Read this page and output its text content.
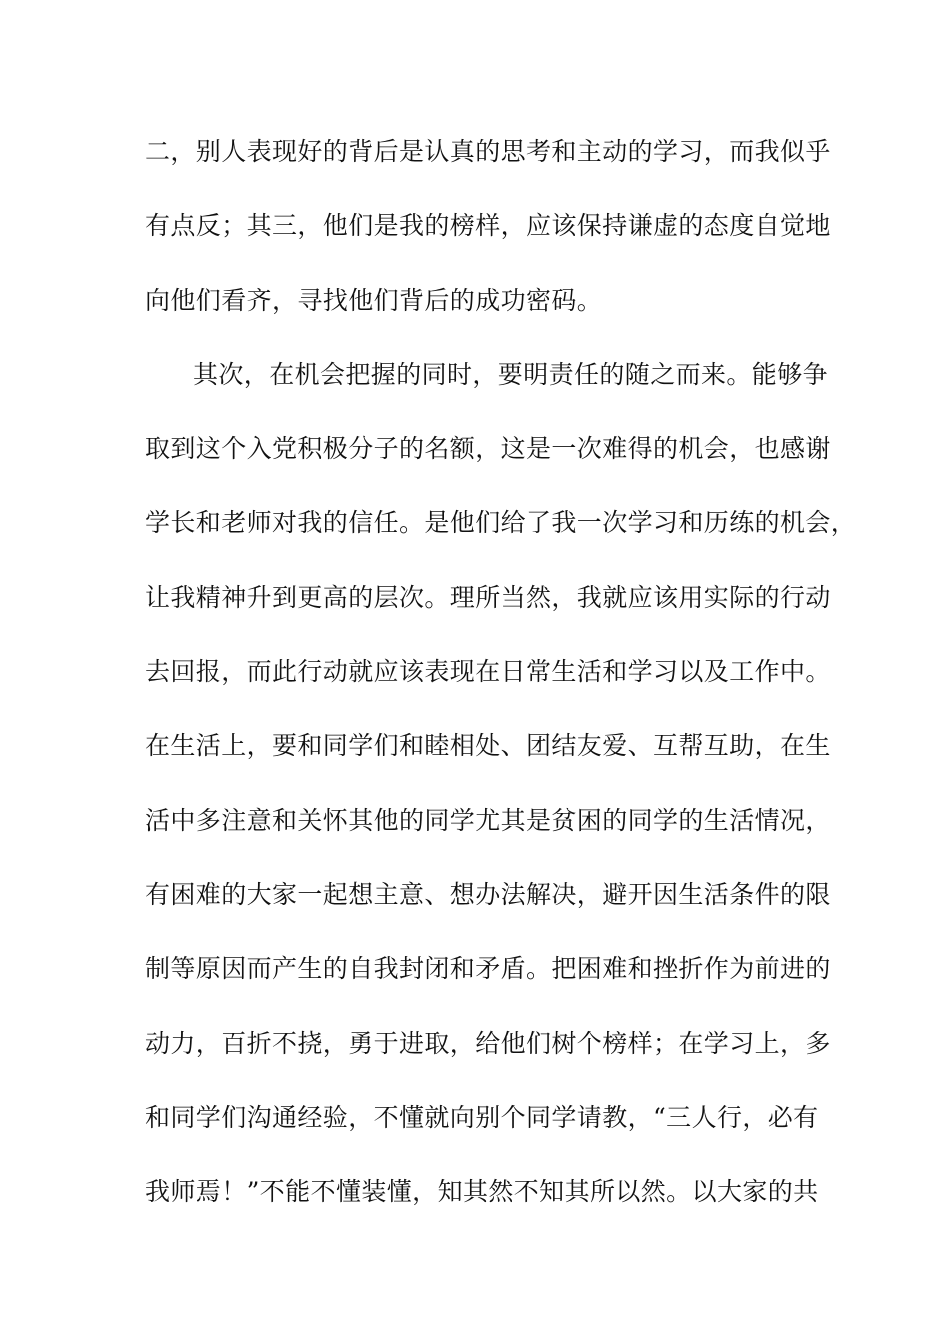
二，别人表现好的背后是认真的思考和主动的学习，而我似乎
有点反；其三，他们是我的榜样，应该保持谦虚的态度自觉地
向他们看齐，寻找他们背后的成功密码。
其次，在机会把握的同时，要明责任的随之而来。能够争
取到这个入党积极分子的名额，这是一次难得的机会，也感谢
学长和老师对我的信任。是他们给了我一次学习和历练的机会，
让我精神升到更高的层次。理所当然，我就应该用实际的行动
去回报，而此行动就应该表现在日常生活和学习以及工作中。
在生活上，要和同学们和睦相处、团结友爱、互帮互助，在生
活中多注意和关怀其他的同学尤其是贫困的同学的生活情况，
有困难的大家一起想主意、想办法解决，避开因生活条件的限
制等原因而产生的自我封闭和矛盾。把困难和挫折作为前进的
动力，百折不挠，勇于进取，给他们树个榜样；在学习上，多
和同学们沟通经验，不懂就向别个同学请教，“三人行，必有
我师焉！”不能不懂装懂，知其然不知其所以然。以大家的共
